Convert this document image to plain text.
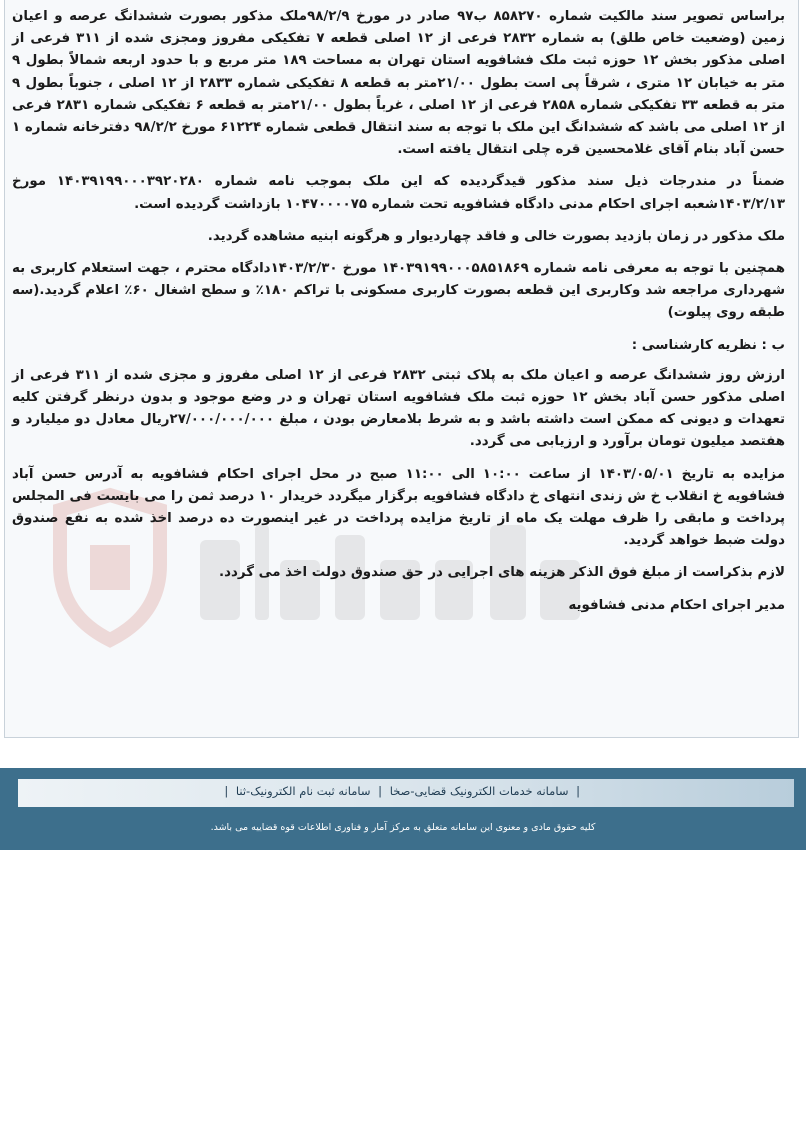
براساس تصویر سند مالکیت شماره ۸۵۸۲۷۰ ب۹۷ صادر در مورخ ۹۸/۲/۹ملک مذکور بصورت ششدانگ عرصه و اعیان زمین (وضعیت خاص طلق) به شماره ۲۸۳۲ فرعی از ۱۲ اصلی قطعه ۷ تفکیکی مفروز ومجزی شده از ۳۱۱ فرعی از اصلی مذکور بخش ۱۲ حوزه ثبت ملک فشافویه استان تهران به مساحت ۱۸۹ متر مربع و با حدود اربعه شمالاً بطول ۹ متر به خیابان ۱۲ متری ، شرقاً پی است بطول ۲۱/۰۰متر به قطعه ۸ تفکیکی شماره ۲۸۳۳ از ۱۲ اصلی ، جنوباً بطول ۹ متر به قطعه ۳۳ تفکیکی شماره ۲۸۵۸ فرعی از ۱۲ اصلی ، غرباً بطول ۲۱/۰۰متر به قطعه ۶ تفکیکی شماره ۲۸۳۱ فرعی از ۱۲ اصلی می باشد که ششدانگ این ملک با توجه به سند انتقال قطعی شماره ۶۱۲۲۴ مورخ ۹۸/۲/۲ دفترخانه شماره ۱ حسن آباد بنام آقای غلامحسین قره چلی انتقال یافته است.

ضمناً در مندرجات ذیل سند مذکور قیدگردیده که این ملک بموجب نامه شماره ۱۴۰۳۹۱۹۹۰۰۰۳۹۲۰۲۸۰ مورخ ۱۴۰۳/۲/۱۳شعبه اجرای احکام مدنی دادگاه فشافویه تحت شماره ۱۰۴۷۰۰۰۰۷۵ بازداشت گردیده است.

ملک مذکور در زمان بازدید بصورت خالی و فاقد چهاردیوار و هرگونه ابنیه مشاهده گردید.

همچنین با توجه به معرفی نامه شماره ۱۴۰۳۹۱۹۹۰۰۰۵۸۵۱۸۶۹ مورخ ۱۴۰۳/۲/۳۰دادگاه محترم ، جهت استعلام کاربری به شهرداری مراجعه شد وکاربری این قطعه بصورت کاربری مسکونی با تراکم ۱۸۰٪ و سطح اشغال ۶۰٪ اعلام گردید.(سه طبقه روی پیلوت)

ب : نظریه کارشناسی :

ارزش روز ششدانگ عرصه و اعیان ملک به پلاک ثبتی ۲۸۳۲ فرعی از ۱۲ اصلی مفروز و مجزی شده از ۳۱۱ فرعی از اصلی مذکور حسن آباد بخش ۱۲ حوزه ثبت ملک فشافویه استان تهران و در وضع موجود و بدون درنظر گرفتن کلیه تعهدات و دیونی که ممکن است داشته باشد و به شرط بلامعارض بودن ، مبلغ ۲۷/۰۰۰/۰۰۰/۰۰۰ریال معادل دو میلیارد و هفتصد میلیون تومان برآورد و ارزیابی می گردد.

مزایده به تاریخ ۱۴۰۳/۰۵/۰۱ از ساعت ۱۰:۰۰ الی ۱۱:۰۰ صبح در محل اجرای احکام فشافویه به آدرس حسن آباد فشافویه خ انقلاب خ ش زندی انتهای خ دادگاه فشافویه برگزار میگردد خریدار ۱۰ درصد ثمن را می بایست فی المجلس پرداخت و مابقی را ظرف مهلت یک ماه از تاریخ مزایده پرداخت در غیر اینصورت ده درصد اخذ شده به نفع صندوق دولت ضبط خواهد گردید.

لازم بذکراست از مبلغ فوق الذکر هزینه های اجرایی در حق صندوق دولت اخذ می گردد.

مدیر اجرای احکام مدنی فشافویه

| سامانه خدمات الکترونیک قضایی-صخا | سامانه ثبت نام الکترونیک-ثنا |
کلیه حقوق مادی و معنوی این سامانه متعلق به مرکز آمار و فناوری اطلاعات قوه قضاییه می باشد.
